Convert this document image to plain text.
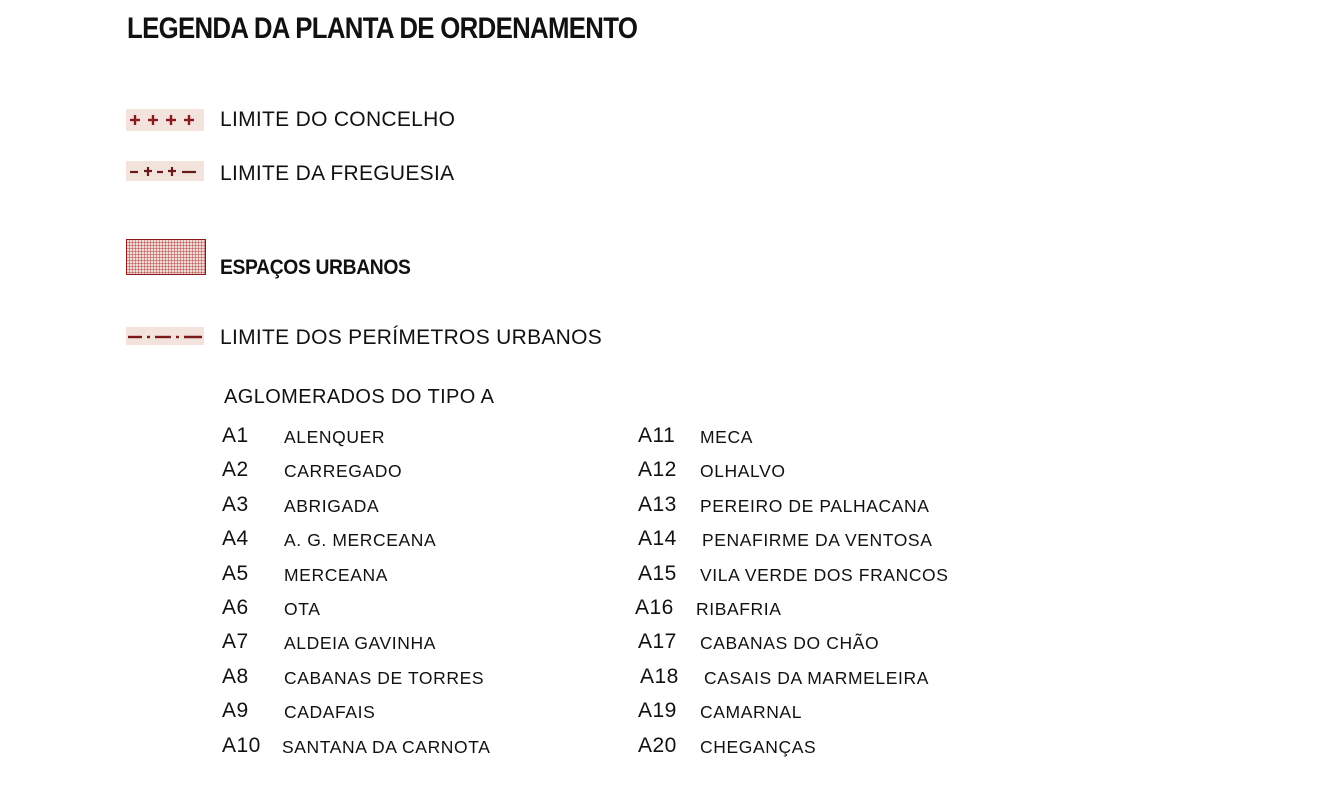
LEGENDA DA PLANTA DE ORDENAMENTO
LIMITE DO CONCELHO
LIMITE DA FREGUESIA
ESPAÇOS URBANOS
LIMITE DOS PERÍMETROS URBANOS
AGLOMERADOS DO TIPO A
A1 ALENQUER
A2 CARREGADO
A3 ABRIGADA
A4 A. G. MERCEANA
A5 MERCEANA
A6 OTA
A7 ALDEIA GAVINHA
A8 CABANAS DE TORRES
A9 CADAFAIS
A10 SANTANA DA CARNOTA
A11 MECA
A12 OLHALVO
A13 PEREIRO DE PALHACANA
A14 PENAFIRME DA VENTOSA
A15 VILA VERDE DOS FRANCOS
A16 RIBAFRIA
A17 CABANAS DO CHÃO
A18 CASAIS DA MARMELEIRA
A19 CAMARNAL
A20 CHEGANÇAS
